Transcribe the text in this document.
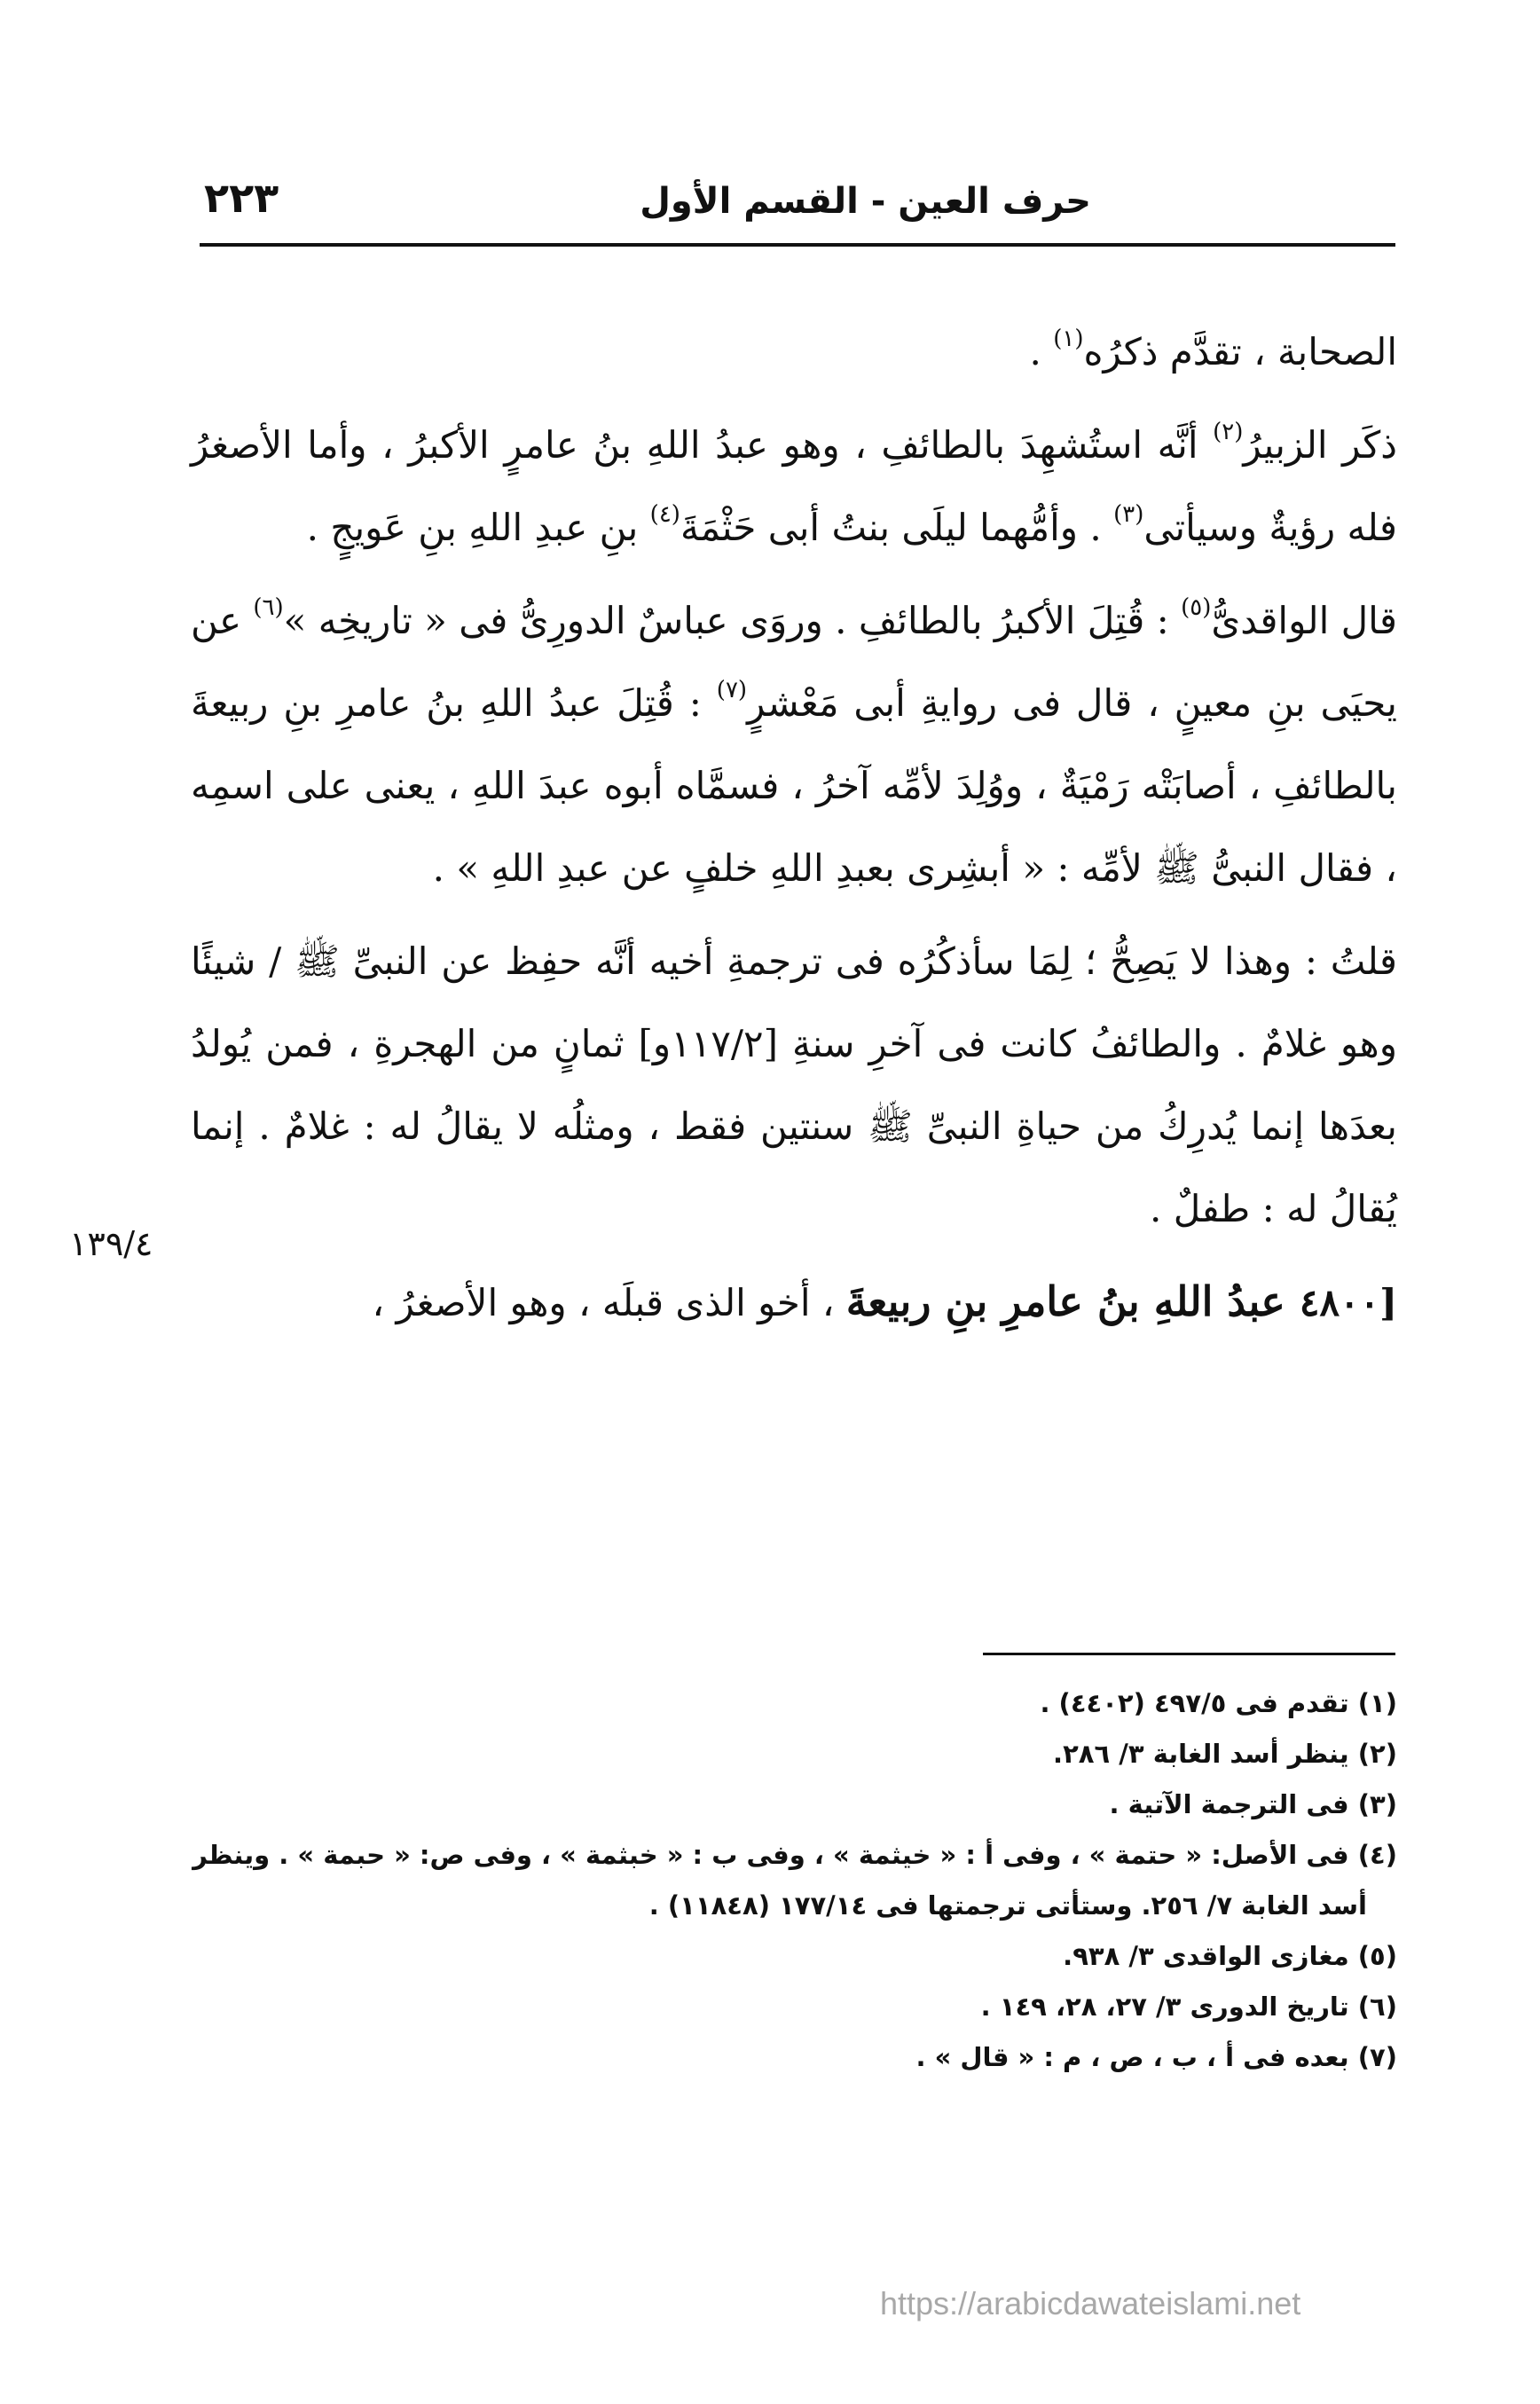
حرف العين - القسم الأول
٢٢٣

الصحابة ، تقدَّم ذكرُه$^{(١)}$ .

ذكَر الزبيرُ$^{(٢)}$ أنَّه استُشهِدَ بالطائفِ ، وهو عبدُ اللهِ بنُ عامرٍ الأكبرُ ، وأما الأصغرُ فله رؤيةٌ وسيأتى$^{(٣)}$ . وأمُّهما ليلَى بنتُ أبى حَثْمَةَ$^{(٤)}$ بنِ عبدِ اللهِ بنِ عَويجٍ .

قال الواقدىُّ$^{(٥)}$ : قُتِلَ الأكبرُ بالطائفِ . وروَى عباسٌ الدورِىُّ فى « تاريخِه »$^{(٦)}$ عن يحيَى بنِ معينٍ ، قال فى روايةِ أبى مَعْشرٍ$^{(٧)}$ : قُتِلَ عبدُ اللهِ بنُ عامرِ بنِ ربيعةَ بالطائفِ ، أصابَتْه رَمْيَةٌ ، ووُلِدَ لأمِّه آخرُ ، فسمَّاه أبوه عبدَ اللهِ ، يعنى على اسمِه ، فقال النبىُّ ﷺ لأمِّه : « أبشِرى بعبدِ اللهِ خلفٍ عن عبدِ اللهِ » .

قلتُ : وهذا لا يَصِحُّ ؛ لِمَا سأذكُرُه فى ترجمةِ أخيه أنَّه حفِظ عن النبىِّ ﷺ / شيئًا وهو غلامٌ . والطائفُ كانت فى آخرِ سنةِ [١١٧/٢و] ثمانٍ من الهجرةِ ، فمن يُولدُ بعدَها إنما يُدرِكُ من حياةِ النبىِّ ﷺ سنتين فقط ، ومثلُه لا يقالُ له : غلامٌ . إنما يُقالُ له : طفلٌ .

[٤٨٠٠ عبدُ اللهِ بنُ عامرِ بنِ ربيعةَ ، أخو الذى قبلَه ، وهو الأصغرُ ،

١٣٩/٤

(١) تقدم فى ٤٩٧/٥ (٤٤٠٢) .

(٢) ينظر أسد الغابة ٣/ ٢٨٦.

(٣) فى الترجمة الآتية .

(٤) فى الأصل: « حتمة » ، وفى أ : « خيثمة » ، وفى ب : « خبثمة » ، وفى ص: « حبمة » . وينظر

أسد الغابة ٧/ ٢٥٦. وستأتى ترجمتها فى ١٧٧/١٤ (١١٨٤٨) .

(٥) مغازى الواقدى ٣/ ٩٣٨.

(٦) تاريخ الدورى ٣/ ٢٧، ٢٨، ١٤٩ .

(٧) بعده فى أ ، ب ، ص ، م : « قال » .

https://arabicdawateislami.net
